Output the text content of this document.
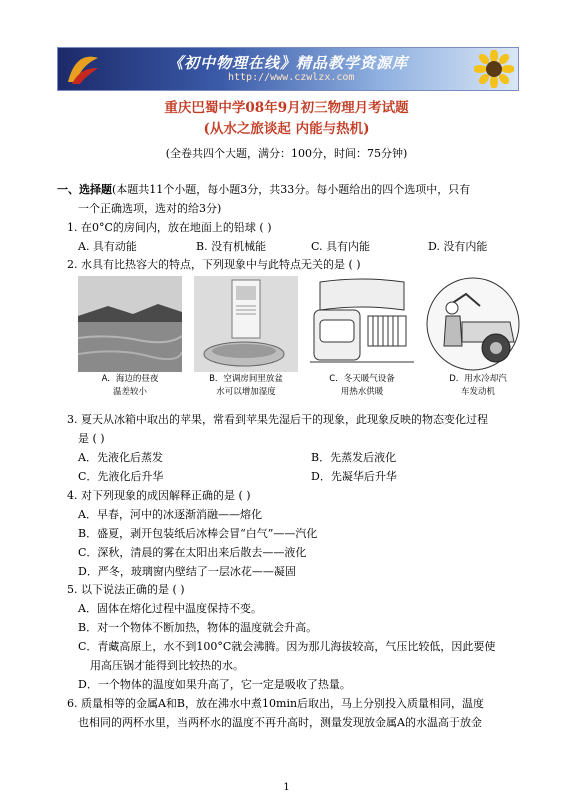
《初中物理在线》精品教学资源库
http://www.czwlzx.com
重庆巴蜀中学08年9月初三物理月考试题
(从水之旅谈起 内能与热机)
(全卷共四个大题，满分：100分，时间：75分钟)
一、选择题(本题共11个小题，每小题3分，共33分。每小题给出的四个选项中，只有
一个正确选项，选对的给3分)
1. 在0°C的房间内，放在地面上的铅球 ( )
A. 具有动能	B. 没有机械能	C. 具有内能	D. 没有内能
2. 水具有比热容大的特点，下列现象中与此特点无关的是 ( )
A．海边的昼夜
温差较小
B．空调房间里放盆
水可以增加湿度
C．冬天暖气设备
用热水供暖
D．用水冷却汽
车发动机
3. 夏天从冰箱中取出的苹果，常看到苹果先湿后干的现象，此现象反映的物态变化过程
是 ( )
A．先液化后蒸发	B．先蒸发后液化
C．先液化后升华	D．先凝华后升华
4. 对下列现象的成因解释正确的是 ( )
A．早春，河中的冰逐渐消融——熔化
B．盛夏，剥开包装纸后冰棒会冒“白气”——汽化
C．深秋，清晨的雾在太阳出来后散去——液化
D．严冬，玻璃窗内壁结了一层冰花——凝固
5. 以下说法正确的是 ( )
A．固体在熔化过程中温度保持不变。
B．对一个物体不断加热，物体的温度就会升高。
C．青藏高原上，水不到100°C就会沸腾。因为那儿海拔较高，气压比较低，因此要使
用高压锅才能得到比较热的水。
D．一个物体的温度如果升高了，它一定是吸收了热量。
6. 质量相等的金属A和B，放在沸水中煮10min后取出，马上分别投入质量相同，温度
也相同的两杯水里，当两杯水的温度不再升高时，测量发现放金属A的水温高于放金
1
